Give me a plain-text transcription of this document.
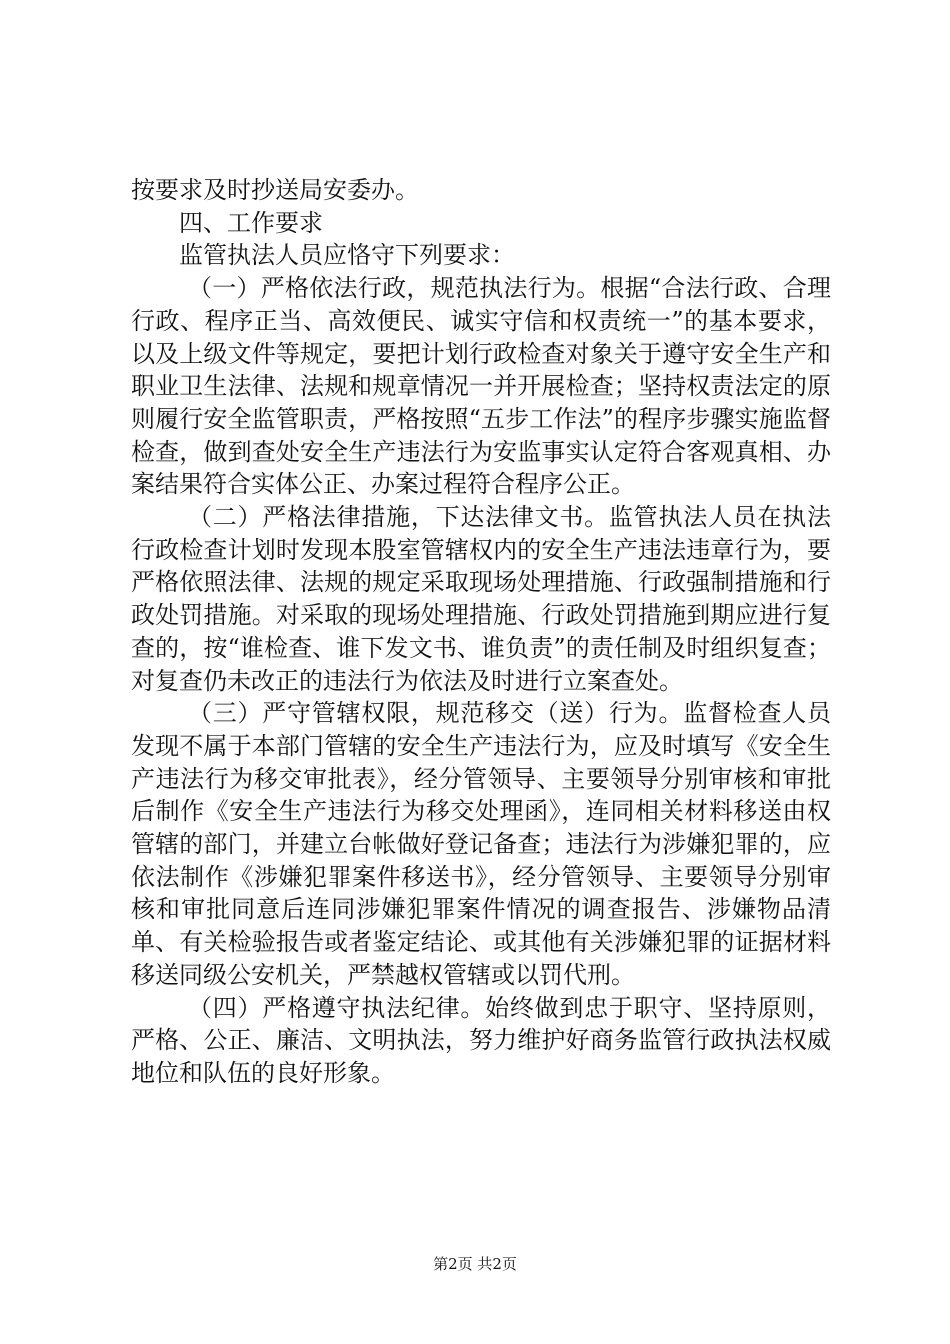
按要求及时抄送局安委办。

四、工作要求

监管执法人员应恪守下列要求：

（一）严格依法行政，规范执法行为。根据“合法行政、合理行政、程序正当、高效便民、诚实守信和权责统一”的基本要求，以及上级文件等规定，要把计划行政检查对象关于遵守安全生产和职业卫生法律、法规和规章情况一并开展检查；坚持权责法定的原则履行安全监管职责，严格按照“五步工作法”的程序步骤实施监督检查，做到查处安全生产违法行为安监事实认定符合客观真相、办案结果符合实体公正、办案过程符合程序公正。

（二）严格法律措施，下达法律文书。监管执法人员在执法行政检查计划时发现本股室管辖权内的安全生产违法违章行为，要严格依照法律、法规的规定采取现场处理措施、行政强制措施和行政处罚措施。对采取的现场处理措施、行政处罚措施到期应进行复查的，按“谁检查、谁下发文书、谁负责”的责任制及时组织复查；对复查仍未改正的违法行为依法及时进行立案查处。

（三）严守管辖权限，规范移交（送）行为。监督检查人员发现不属于本部门管辖的安全生产违法行为，应及时填写《安全生产违法行为移交审批表》，经分管领导、主要领导分别审核和审批后制作《安全生产违法行为移交处理函》，连同相关材料移送由权管辖的部门，并建立台帐做好登记备查；违法行为涉嫌犯罪的，应依法制作《涉嫌犯罪案件移送书》，经分管领导、主要领导分别审核和审批同意后连同涉嫌犯罪案件情况的调查报告、涉嫌物品清单、有关检验报告或者鉴定结论、或其他有关涉嫌犯罪的证据材料移送同级公安机关，严禁越权管辖或以罚代刑。

（四）严格遵守执法纪律。始终做到忠于职守、坚持原则，严格、公正、廉洁、文明执法，努力维护好商务监管行政执法权威地位和队伍的良好形象。

第2页 共2页
